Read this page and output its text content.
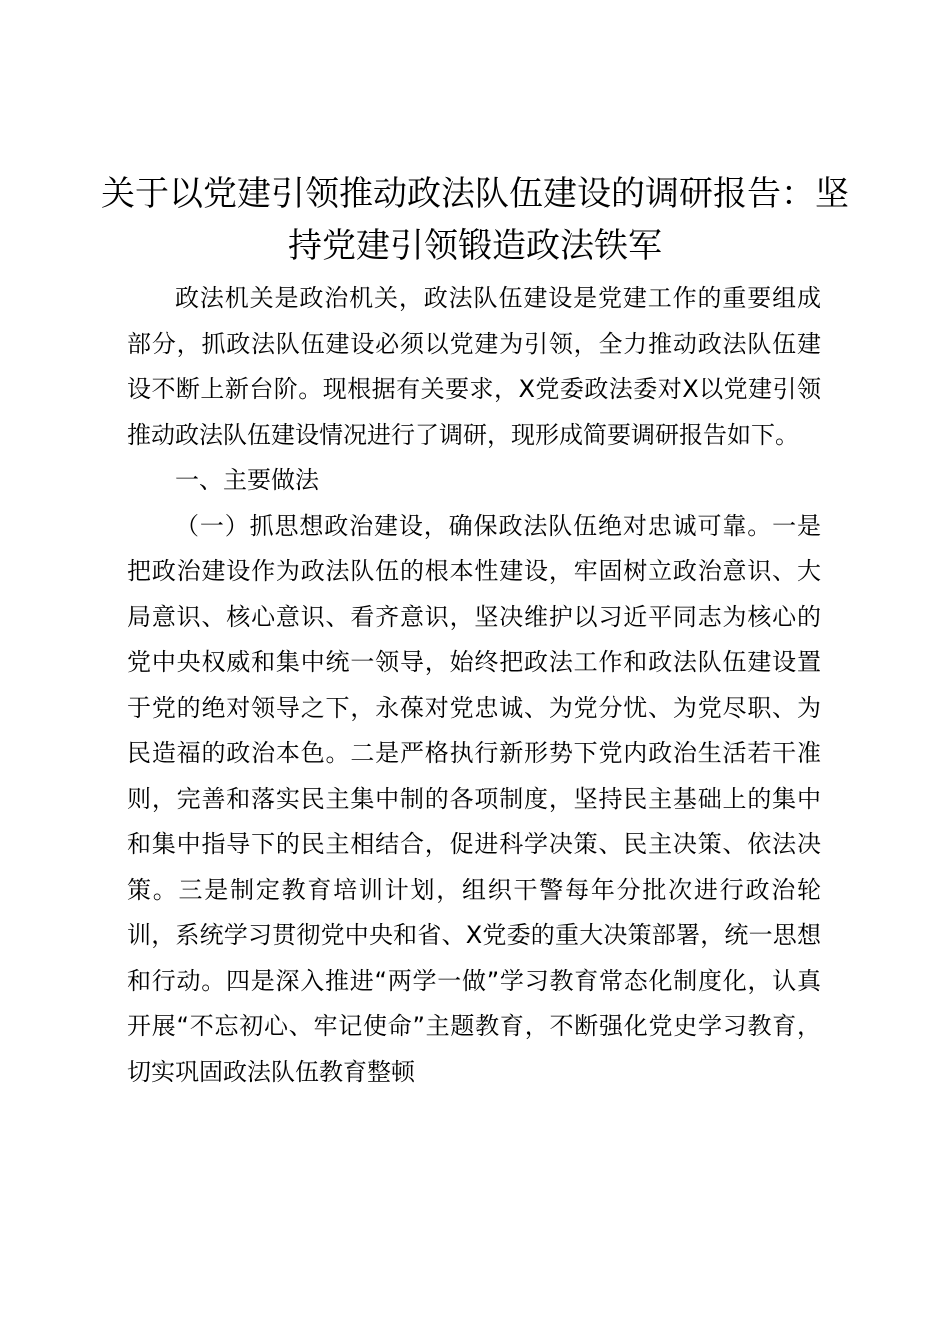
关于以党建引领推动政法队伍建设的调研报告：坚持党建引领锻造政法铁军

政法机关是政治机关，政法队伍建设是党建工作的重要组成部分，抓政法队伍建设必须以党建为引领，全力推动政法队伍建设不断上新台阶。现根据有关要求，X党委政法委对X以党建引领推动政法队伍建设情况进行了调研，现形成简要调研报告如下。

一、主要做法

（一）抓思想政治建设，确保政法队伍绝对忠诚可靠。一是把政治建设作为政法队伍的根本性建设，牢固树立政治意识、大局意识、核心意识、看齐意识，坚决维护以习近平同志为核心的党中央权威和集中统一领导，始终把政法工作和政法队伍建设置于党的绝对领导之下，永葆对党忠诚、为党分忧、为党尽职、为民造福的政治本色。二是严格执行新形势下党内政治生活若干准则，完善和落实民主集中制的各项制度，坚持民主基础上的集中和集中指导下的民主相结合，促进科学决策、民主决策、依法决策。三是制定教育培训计划，组织干警每年分批次进行政治轮训，系统学习贯彻党中央和省、X党委的重大决策部署，统一思想和行动。四是深入推进“两学一做”学习教育常态化制度化，认真开展“不忘初心、牢记使命”主题教育，不断强化党史学习教育，切实巩固政法队伍教育整顿
